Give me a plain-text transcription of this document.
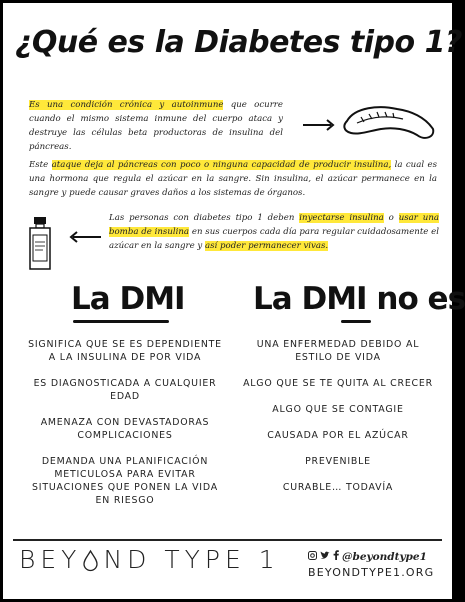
¿Qué es la Diabetes tipo 1?

Es una condición crónica y autoinmune que ocurre cuando el mismo sistema inmune del cuerpo ataca y destruye las células beta productoras de insulina del páncreas.

Este ataque deja al páncreas con poco o ninguna capacidad de producir insulina, la cual es una hormona que regula el azúcar en la sangre. Sin insulina, el azúcar permanece en la sangre y puede causar graves daños a los sistemas de órganos.

Las personas con diabetes tipo 1 deben inyectarse insulina o usar una bomba de insulina en sus cuerpos cada día para regular cuidadosamente el azúcar en la sangre y así poder permanecer vivas.

La DMI	La DMI no es
SIGNIFICA QUE SE ES DEPENDIENTE A LA INSULINA DE POR VIDA
ES DIAGNOSTICADA A CUALQUIER EDAD
AMENAZA CON DEVASTADORAS COMPLICACIONES
DEMANDA UNA PLANIFICACIÓN METICULOSA PARA EVITAR SITUACIONES QUE PONEN LA VIDA EN RIESGO
UNA ENFERMEDAD DEBIDO AL ESTILO DE VIDA
ALGO QUE SE TE QUITA AL CRECER
ALGO QUE SE CONTAGIE
CAUSADA POR EL AZÚCAR
PREVENIBLE
CURABLE… TODAVÍA
BEY ND TYPE 1	@beyondtype1
BEYONDTYPE1.ORG
